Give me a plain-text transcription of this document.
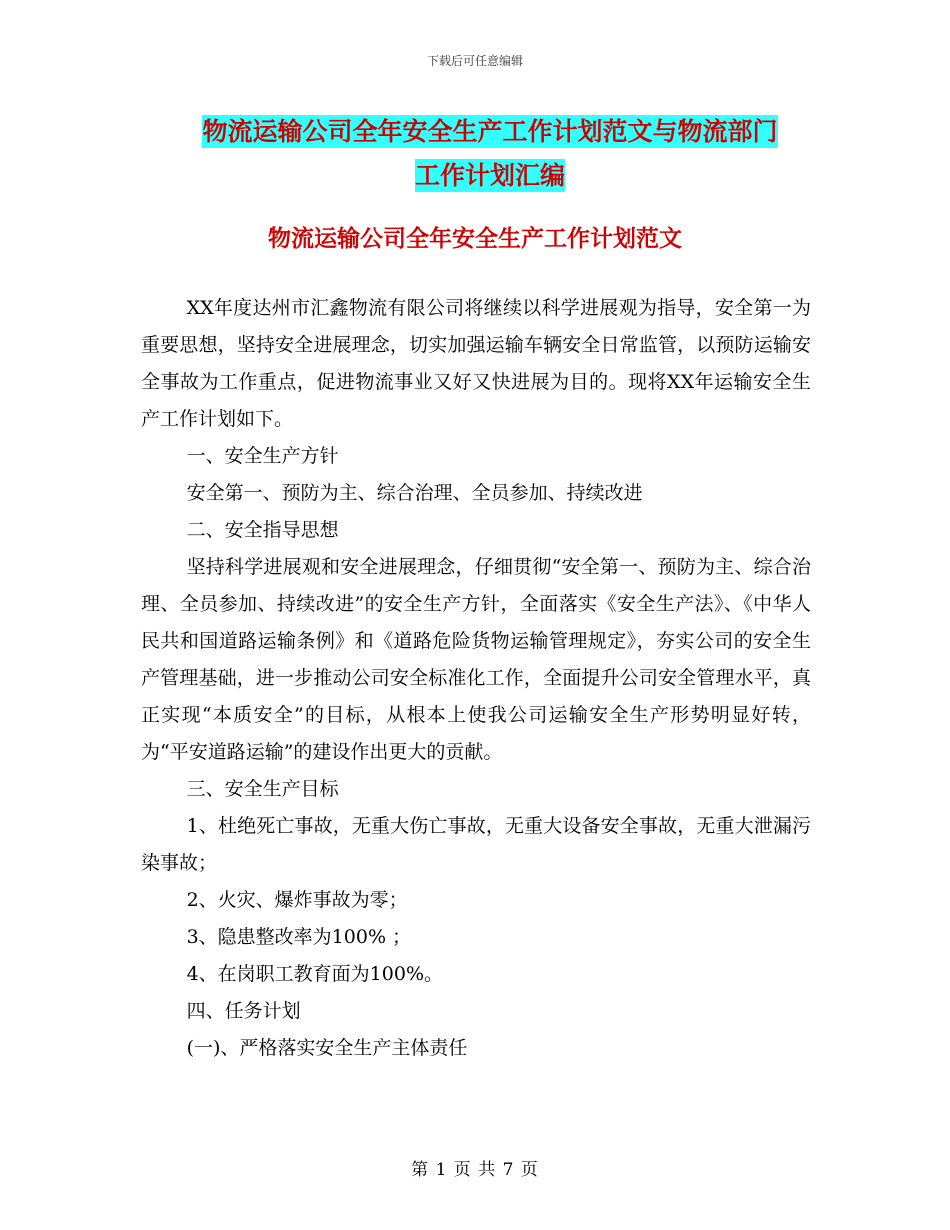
下载后可任意编辑
物流运输公司全年安全生产工作计划范文与物流部门
工作计划汇编
物流运输公司全年安全生产工作计划范文

XX年度达州市汇鑫物流有限公司将继续以科学进展观为指导，安全第一为重要思想，坚持安全进展理念，切实加强运输车辆安全日常监管，以预防运输安全事故为工作重点，促进物流事业又好又快进展为目的。现将XX年运输安全生产工作计划如下。

一、安全生产方针

安全第一、预防为主、综合治理、全员参加、持续改进

二、安全指导思想

坚持科学进展观和安全进展理念，仔细贯彻“安全第一、预防为主、综合治理、全员参加、持续改进”的安全生产方针，全面落实《安全生产法》、《中华人民共和国道路运输条例》和《道路危险货物运输管理规定》，夯实公司的安全生产管理基础，进一步推动公司安全标准化工作，全面提升公司安全管理水平，真正实现“本质安全”的目标，从根本上使我公司运输安全生产形势明显好转，为“平安道路运输”的建设作出更大的贡献。

三、安全生产目标

1、杜绝死亡事故，无重大伤亡事故，无重大设备安全事故，无重大泄漏污染事故；

2、火灾、爆炸事故为零；

3、隐患整改率为100% ；

4、在岗职工教育面为100%。

四、任务计划

(一)、严格落实安全生产主体责任

第 1 页 共 7 页
